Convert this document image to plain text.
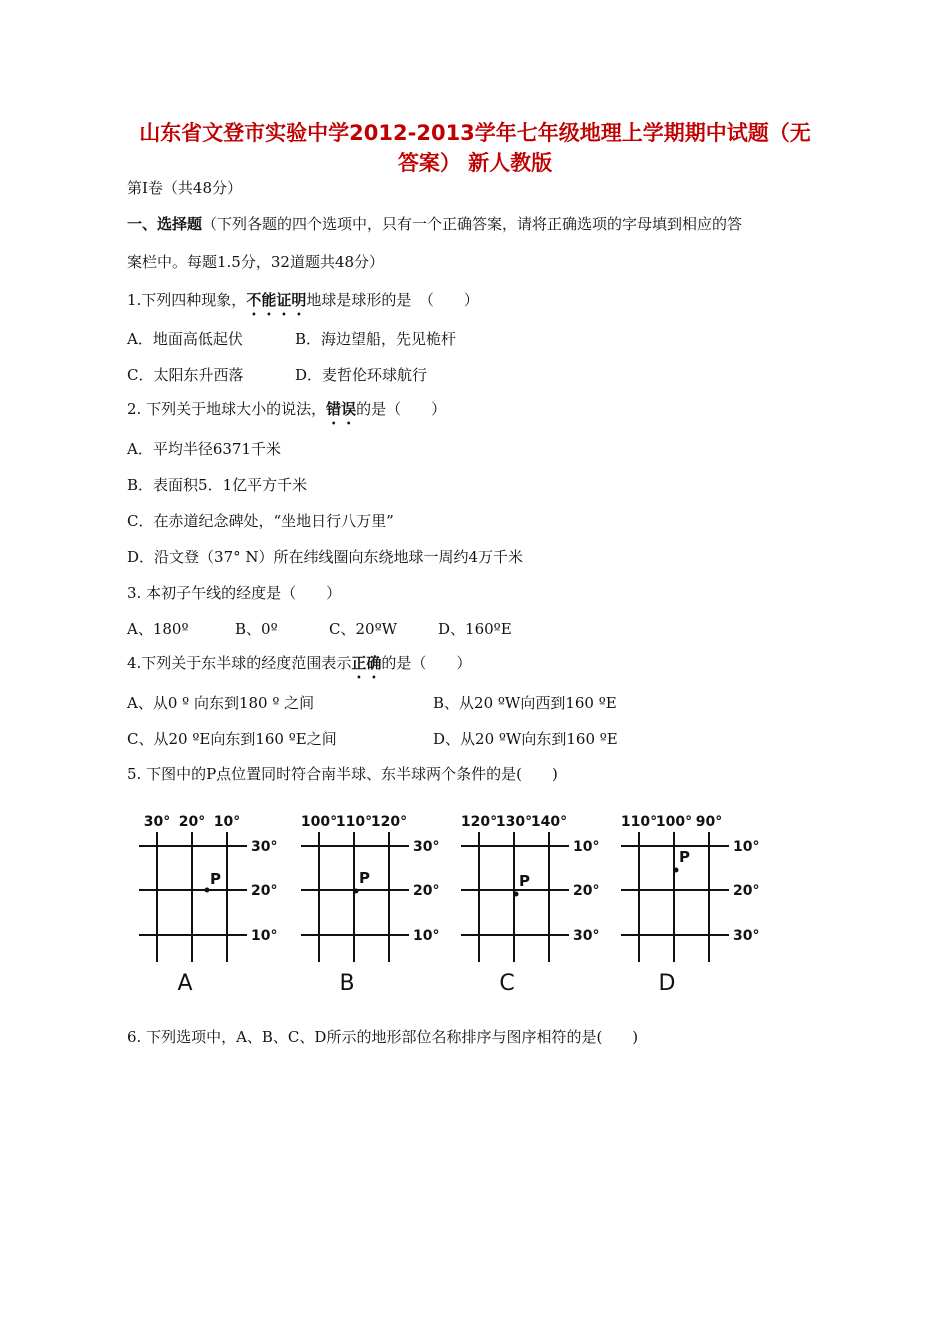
山东省文登市实验中学2012-2013学年七年级地理上学期期中试题（无
答案） 新人教版
第Ⅰ卷（共48分）
一、选择题（下列各题的四个选项中，只有一个正确答案，请将正确选项的字母填到相应的答
案栏中。每题1.5分，32道题共48分）
1.下列四种现象，不能证明地球是球形的是　（　　）
A．地面高低起伏	B．海边望船，先见桅杆
C．太阳东升西落	D．麦哲伦环球航行
2. 下列关于地球大小的说法，错误的是（　　）
A．平均半径6371千米
B．表面积5．1亿平方千米
C．在赤道纪念碑处，“坐地日行八万里”
D．沿文登（37° N）所在纬线圈向东绕地球一周约4万千米
3. 本初子午线的经度是（　　）
A、180º	B、0º	C、20ºW	D、160ºE
4.下列关于东半球的经度范围表示正确的是（　　）
A、从0 º 向东到180 º 之间	B、从20 ºW向西到160 ºE
C、从20 ºE向东到160 ºE之间	D、从20 ºW向东到160 ºE
5. 下图中的P点位置同时符合南半球、东半球两个条件的是(　　)
30° 20° 10°
30°
20°
10°
P
A
100°
110°
120°
30°
20°
10°
P
B
120°
130°
140°
10°
20°
30°
P
C
110°
100° 90°
10°
20°
30°
P
D
6. 下列选项中，A、B、C、D所示的地形部位名称排序与图序相符的是(　　)
